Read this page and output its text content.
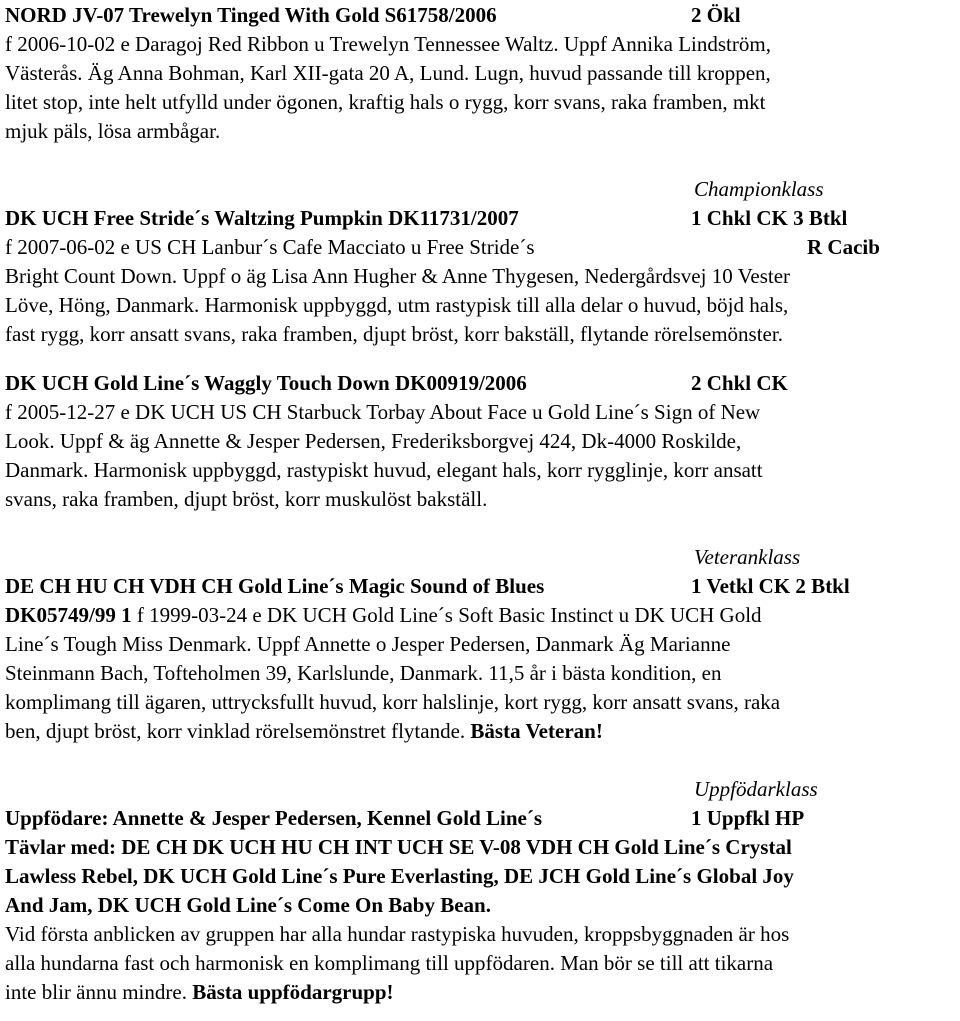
NORD JV-07 Trewelyn Tinged With Gold S61758/2006	2 Ökl
f 2006-10-02 e Daragoj Red Ribbon u Trewelyn Tennessee Waltz. Uppf Annika Lindström,
Västerås. Äg Anna Bohman, Karl XII-gata 20 A, Lund. Lugn, huvud passande till kroppen,
litet stop, inte helt utfylld under ögonen, kraftig hals o rygg, korr svans, raka framben, mkt
mjuk päls, lösa armbågar.
Championklass
DK UCH Free Stride´s Waltzing Pumpkin DK11731/2007	1 Chkl CK 3 Btkl
f 2007-06-02 e US CH Lanbur´s Cafe Macciato u Free Stride´s	R Cacib
Bright Count Down. Uppf o äg Lisa Ann Hugher & Anne Thygesen, Nedergårdsvej 10 Vester
Löve, Höng, Danmark. Harmonisk uppbyggd, utm rastypisk till alla delar o huvud, böjd hals,
fast rygg, korr ansatt svans, raka framben, djupt bröst, korr bakställ, flytande rörelsemönster.
DK UCH Gold Line´s Waggly Touch Down DK00919/2006	2 Chkl CK
f 2005-12-27 e DK UCH US CH Starbuck Torbay About Face u Gold Line´s Sign of New
Look. Uppf & äg Annette & Jesper Pedersen, Frederiksborgvej 424, Dk-4000 Roskilde,
Danmark. Harmonisk uppbyggd, rastypiskt huvud, elegant hals, korr rygglinje, korr ansatt
svans, raka framben, djupt bröst, korr muskulöst bakställ.
Veteranklass
DE CH HU CH VDH CH Gold Line´s Magic Sound of Blues	1 Vetkl CK 2 Btkl
DK05749/99 1 f 1999-03-24 e DK UCH Gold Line´s Soft Basic Instinct u DK UCH Gold
Line´s Tough Miss Denmark. Uppf Annette o Jesper Pedersen, Danmark Äg Marianne
Steinmann Bach, Tofteholmen 39, Karlslunde, Danmark. 11,5 år i bästa kondition, en
komplimang till ägaren, uttrycksfullt huvud, korr halslinje, kort rygg, korr ansatt svans, raka
ben, djupt bröst, korr vinklad rörelsemönstret flytande. Bästa Veteran!
Uppfödarklass
Uppfödare: Annette & Jesper Pedersen, Kennel Gold Line´s	1 Uppfkl HP
Tävlar med: DE CH DK UCH HU CH INT UCH SE V-08 VDH CH Gold Line´s Crystal
Lawless Rebel, DK UCH Gold Line´s Pure Everlasting, DE JCH Gold Line´s Global Joy
And Jam, DK UCH Gold Line´s Come On Baby Bean.
Vid första anblicken av gruppen har alla hundar rastypiska huvuden, kroppsbyggnaden är hos
alla hundarna fast och harmonisk en komplimang till uppfödaren. Man bör se till att tikarna
inte blir ännu mindre. Bästa uppfödargrupp!
